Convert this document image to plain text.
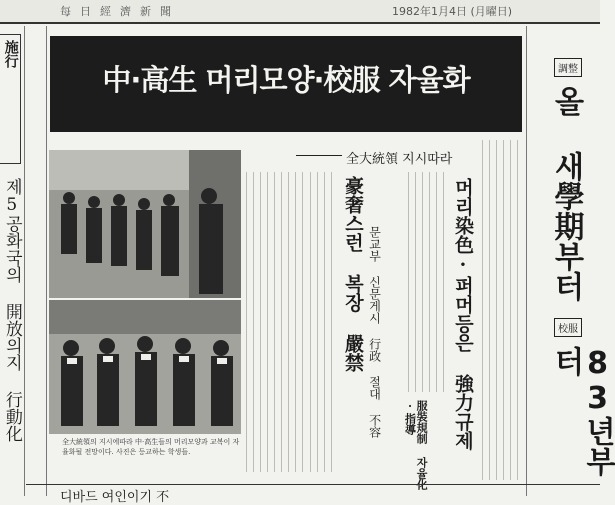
每日經濟新聞	1982年1月4日 (月曜日)
施行
제5공화국의 開放의지 行動化
中·高生 머리모양·校服 자율화
全大統領 지시따라
全大統領의 지시에따라 中·高生들의 머리모양과 교복이 자율화될 전망이다. 사진은 등교하는 학생들.
豪奢스런 복장 嚴禁 문교부 신문게시 行政 절대 不容	머리染色·퍼머등은 強力규제
服裝規制 자율化·指導
調整
올 새學期부터
校服
83년부터
디바드 여인이기 不
